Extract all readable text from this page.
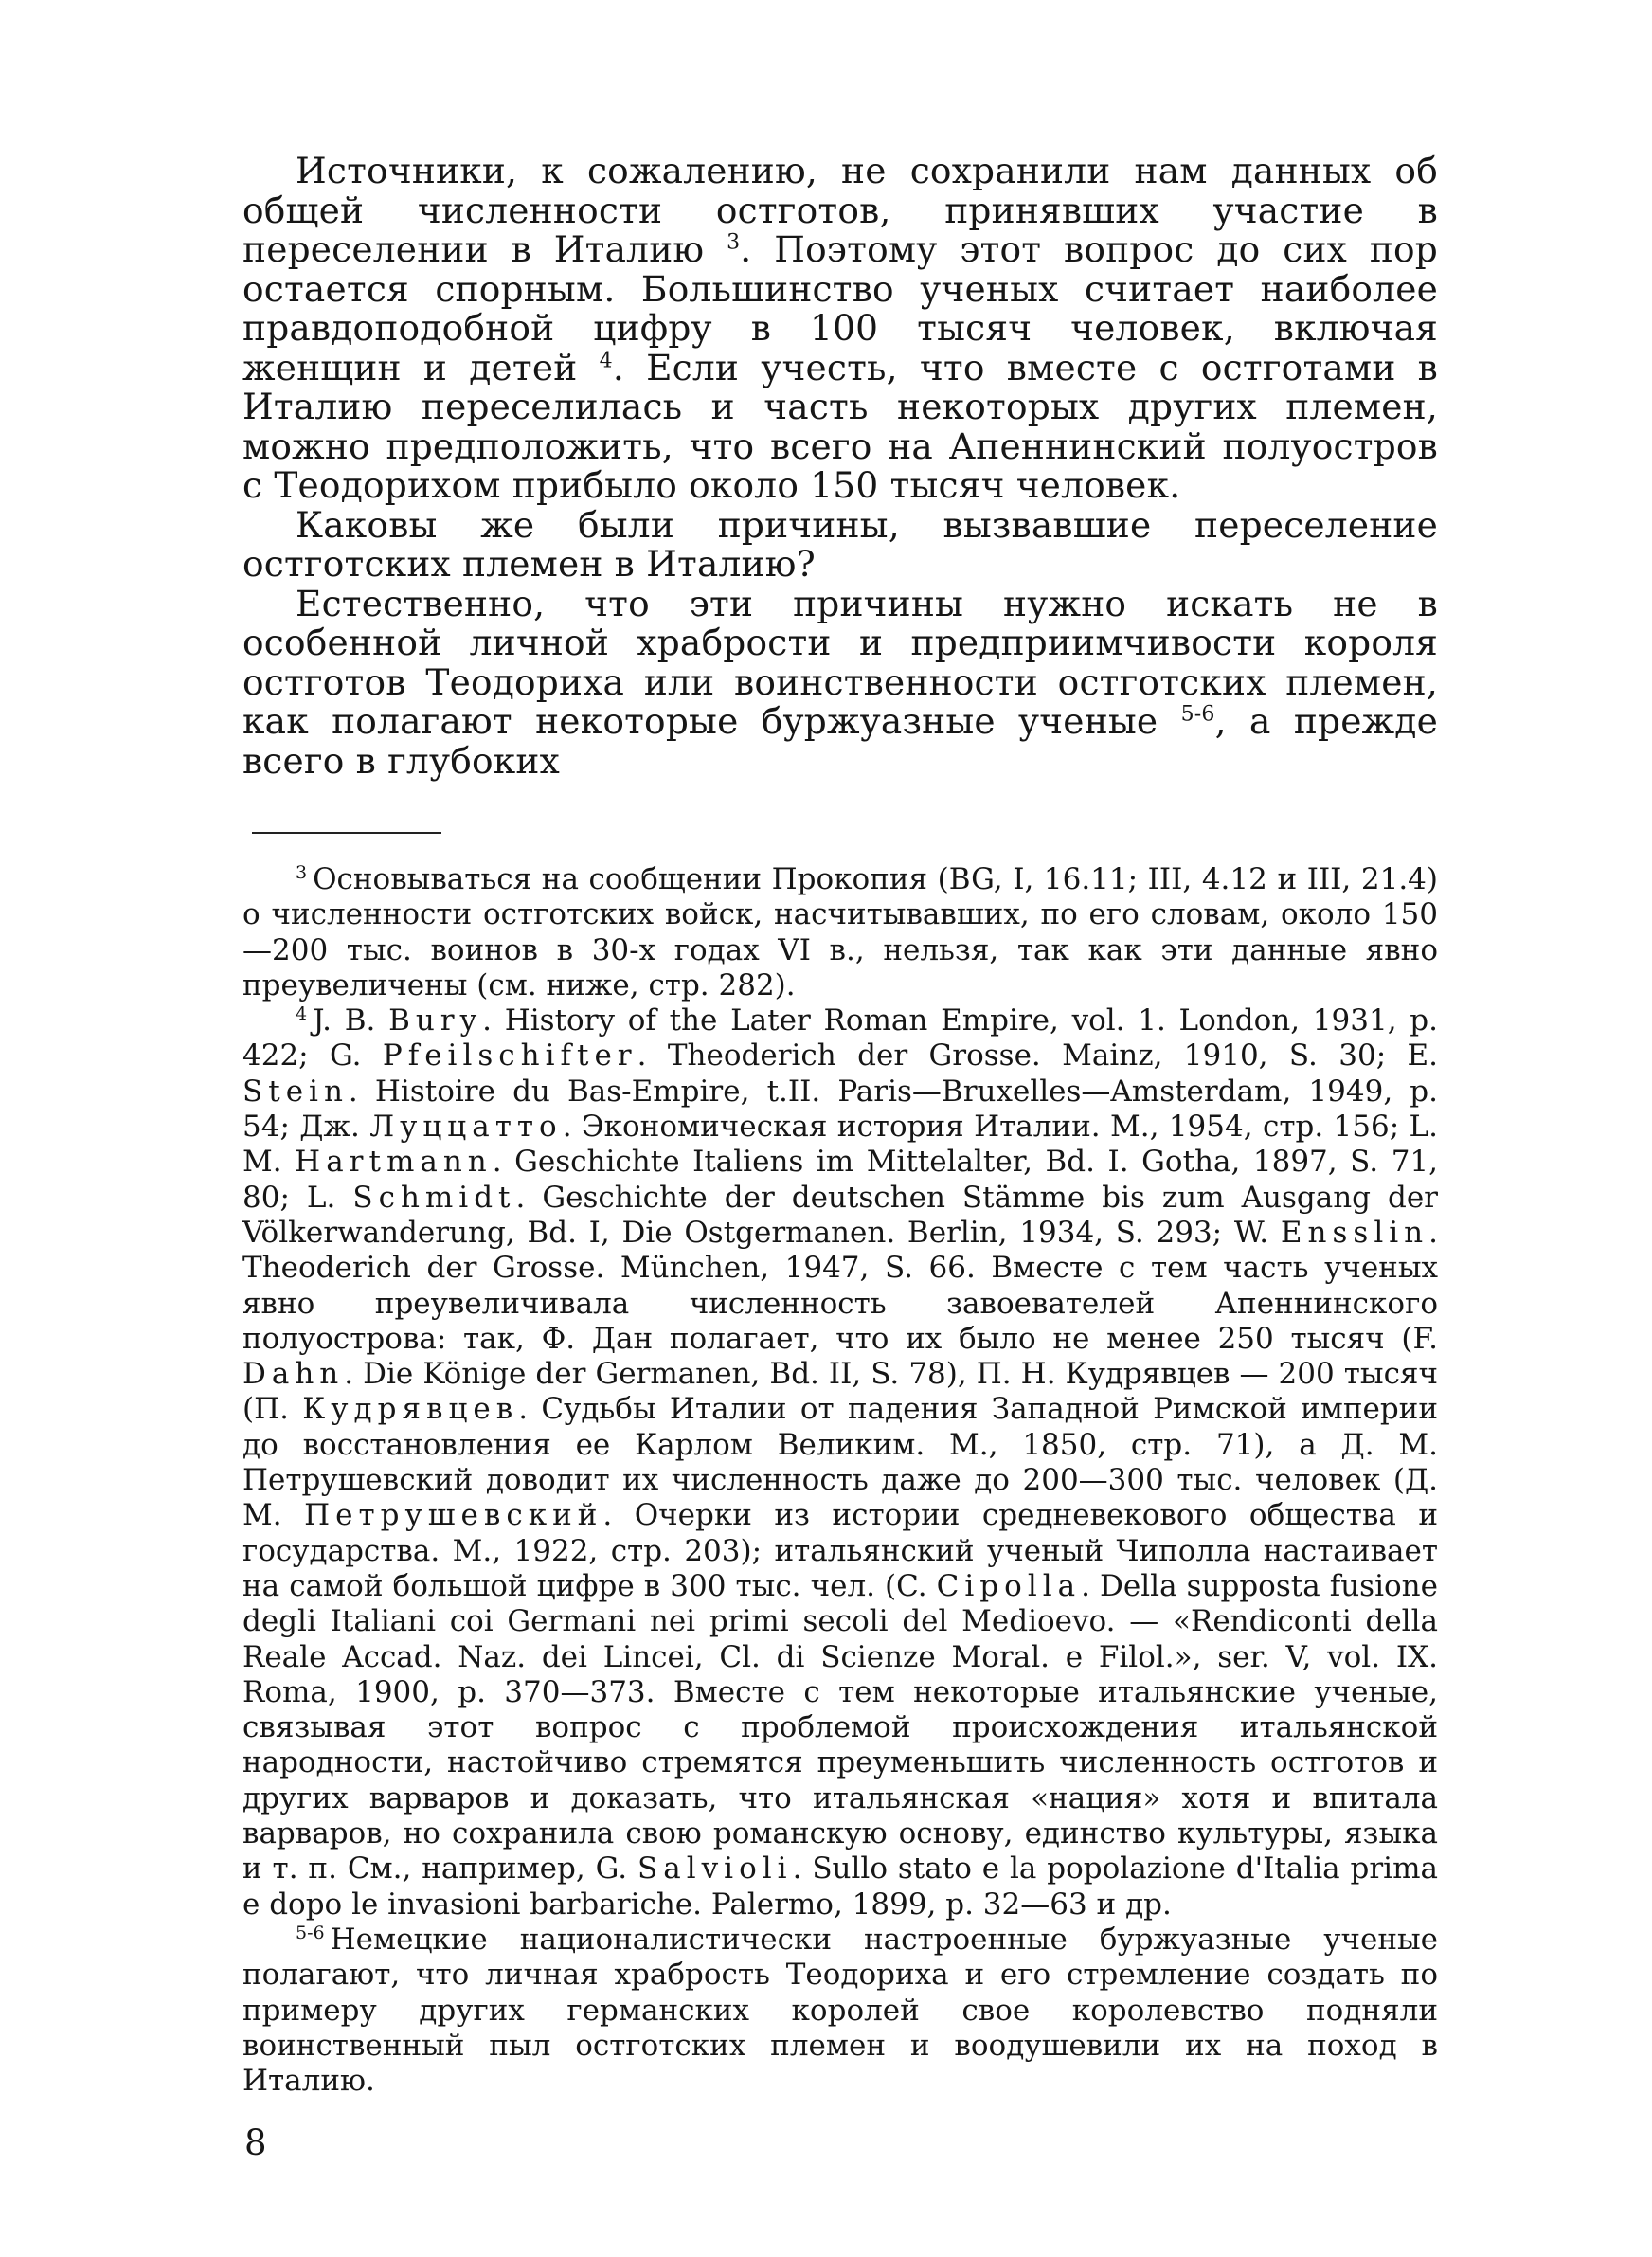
Источники, к сожалению, не сохранили нам данных об общей численности остготов, принявших участие в переселении в Италию $^3$. Поэтому этот вопрос до сих пор остается спорным. Большинство ученых считает наиболее правдоподобной цифру в 100 тысяч человек, включая женщин и детей $^4$. Если учесть, что вместе с остготами в Италию переселилась и часть некоторых других племен, можно предположить, что всего на Апеннинский полуостров с Теодорихом прибыло около 150 тысяч человек.

Каковы же были причины, вызвавшие переселение остготских племен в Италию?

Естественно, что эти причины нужно искать не в особенной личной храбрости и предприимчивости короля остготов Теодориха или воинственности остготских племен, как полагают некоторые буржуазные ученые $^{5-6}$, а прежде всего в глубоких

$^3$ Основываться на сообщении Прокопия (BG, I, 16.11; III, 4.12 и III, 21.4) о численности остготских войск, насчитывавших, по его словам, около 150—200 тыс. воинов в 30-х годах VI в., нельзя, так как эти данные явно преувеличены (см. ниже, стр. 282).

$^4$ J. B. Bury. History of the Later Roman Empire, vol. 1. London, 1931, p. 422; G. Pfeilschifter. Theoderich der Grosse. Mainz, 1910, S. 30; E. Stein. Histoire du Bas-Empire, t.II. Paris—Bruxelles—Amsterdam, 1949, p. 54; Дж. Луццатто. Экономическая история Италии. М., 1954, стр. 156; L. M. Hartmann. Geschichte Italiens im Mittelalter, Bd. I. Gotha, 1897, S. 71, 80; L. Schmidt. Geschichte der deutschen Stämme bis zum Ausgang der Völkerwanderung, Bd. I, Die Ostgermanen. Berlin, 1934, S. 293; W. Ensslin. Theoderich der Grosse. München, 1947, S. 66. Вместе с тем часть ученых явно преувеличивала численность завоевателей Апеннинского полуострова: так, Ф. Дан полагает, что их было не менее 250 тысяч (F. Dahn. Die Könige der Germanen, Bd. II, S. 78), П. Н. Кудрявцев — 200 тысяч (П. Кудрявцев. Судьбы Италии от падения Западной Римской империи до восстановления ее Карлом Великим. М., 1850, стр. 71), а Д. М. Петрушевский доводит их численность даже до 200—300 тыс. человек (Д. М. Петрушевский. Очерки из истории средневекового общества и государства. М., 1922, стр. 203); итальянский ученый Чиполла настаивает на самой большой цифре в 300 тыс. чел. (C. Cipolla. Della supposta fusione degli Italiani coi Germani nei primi secoli del Medioevo. — «Rendiconti della Reale Accad. Naz. dei Lincei, Cl. di Scienze Moral. e Filol.», ser. V, vol. IX. Roma, 1900, p. 370—373. Вместе с тем некоторые итальянские ученые, связывая этот вопрос с проблемой происхождения итальянской народности, настойчиво стремятся преуменьшить численность остготов и других варваров и доказать, что итальянская «нация» хотя и впитала варваров, но сохранила свою романскую основу, единство культуры, языка и т. п. См., например, G. Salvioli. Sullo stato e la popolazione d'Italia prima e dopo le invasioni barbariche. Palermo, 1899, p. 32—63 и др.

$^{5-6}$ Немецкие националистически настроенные буржуазные ученые полагают, что личная храбрость Теодориха и его стремление создать по примеру других германских королей свое королевство подняли воинственный пыл остготских племен и воодушевили их на поход в Италию.

8
